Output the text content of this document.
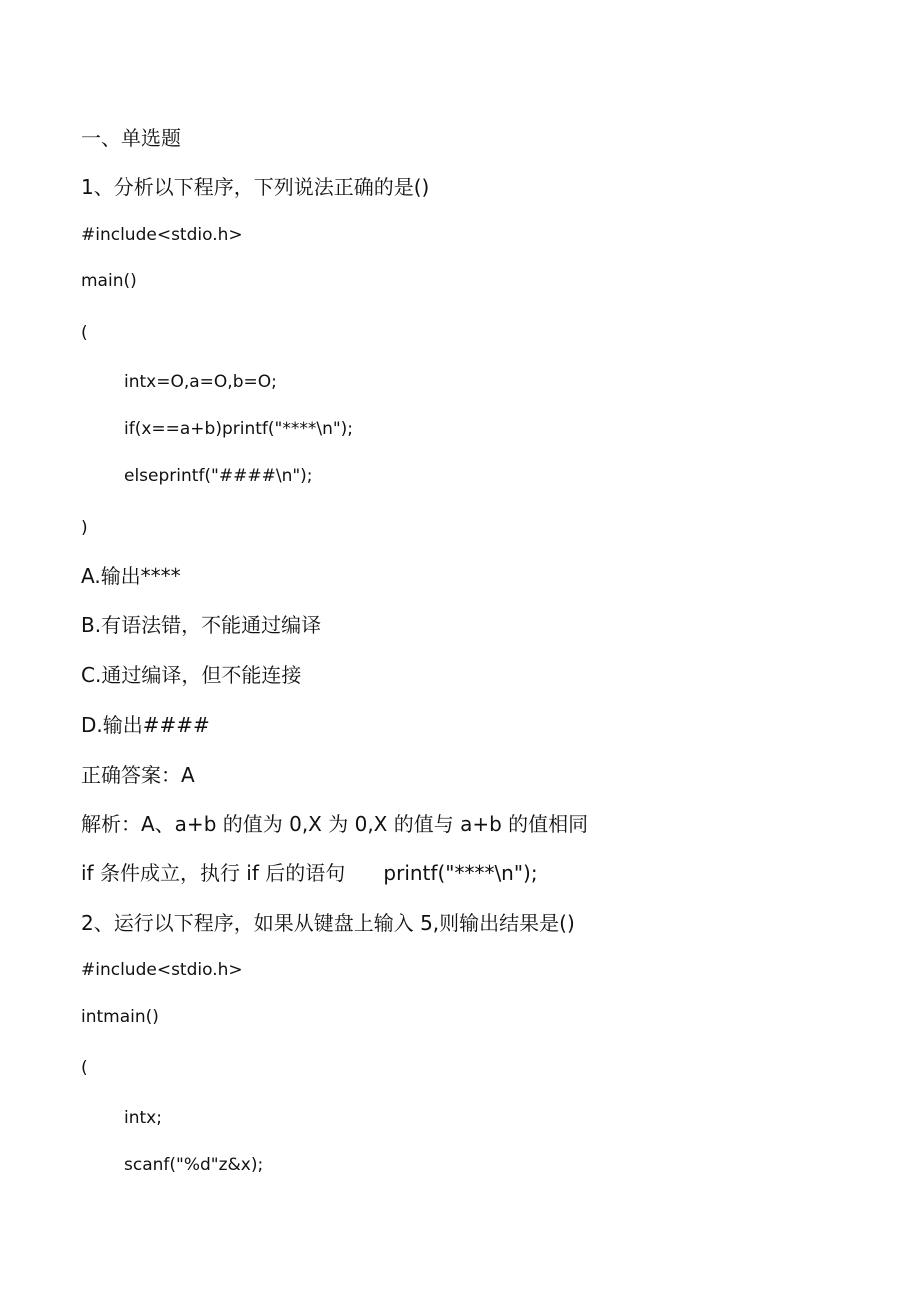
一、单选题
1、分析以下程序，下列说法正确的是()
#include<stdio.h>
main()
(
intx=O,a=O,b=O;
if(x==a+b)printf("****\n");
elseprintf("####\n");
)
A.输出****
B.有语法错，不能通过编译
C.通过编译，但不能连接
D.输出####
正确答案：A
解析：A、a+b 的值为 0,X 为 0,X 的值与 a+b 的值相同
if 条件成立，执行 if 后的语句      printf("****\n");
2、运行以下程序，如果从键盘上输入 5,则输出结果是()
#include<stdio.h>
intmain()
(
intx;
scanf("%d"z&x);
